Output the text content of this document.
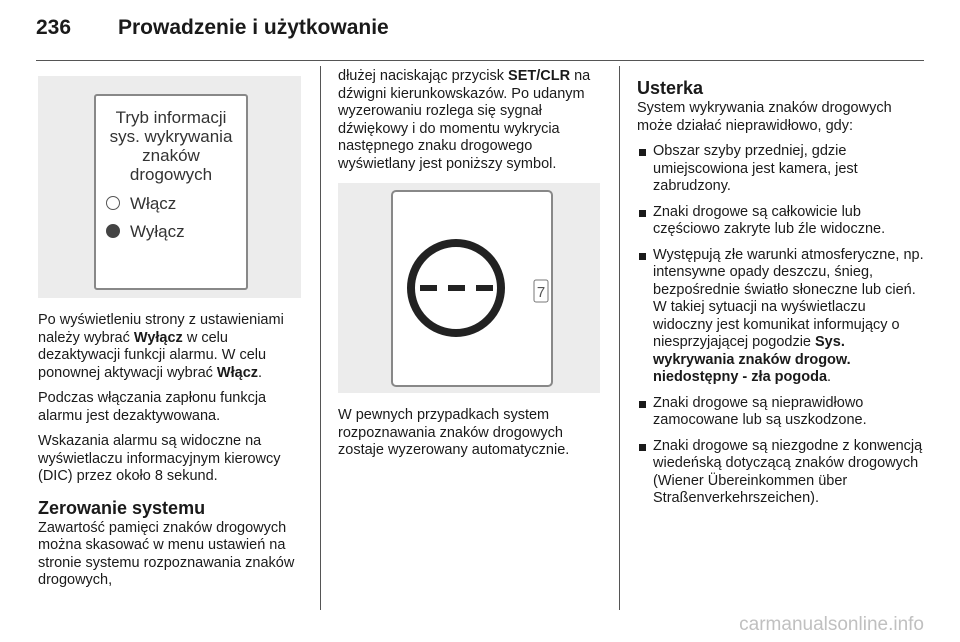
236 Prowadzenie i użytkowanie
Tryb informacji
sys. wykrywania
znaków
drogowych
Włącz
Wyłącz

Po wyświetleniu strony z ustawieniami należy wybrać Wyłącz w celu dezaktywacji funkcji alarmu. W celu ponownej aktywacji wybrać Włącz.

Podczas włączania zapłonu funkcja alarmu jest dezaktywowana.

Wskazania alarmu są widoczne na wyświetlaczu informacyjnym kierowcy (DIC) przez około 8 sekund.

Zerowanie systemu

Zawartość pamięci znaków drogowych można skasować w menu ustawień na stronie systemu rozpoznawania znaków drogowych,

dłużej naciskając przycisk SET/CLR na dźwigni kierunkowskazów. Po udanym wyzerowaniu rozlega się sygnał dźwiękowy i do momentu wykrycia następnego znaku drogowego wyświetlany jest poniższy symbol.

7

W pewnych przypadkach system rozpoznawania znaków drogowych zostaje wyzerowany automatycznie.

Usterka

System wykrywania znaków drogowych może działać nieprawidłowo, gdy:

Obszar szyby przedniej, gdzie umiejscowiona jest kamera, jest zabrudzony.
Znaki drogowe są całkowicie lub częściowo zakryte lub źle widoczne.
Występują złe warunki atmosferyczne, np. intensywne opady deszczu, śnieg, bezpośrednie światło słoneczne lub cień. W takiej sytuacji na wyświetlaczu widoczny jest komunikat informujący o niesprzyjającej pogodzie Sys. wykrywania znaków drogow. niedostępny - zła pogoda.
Znaki drogowe są nieprawidłowo zamocowane lub są uszkodzone.
Znaki drogowe są niezgodne z konwencją wiedeńską dotyczącą znaków drogowych (Wiener Übereinkommen über Straßenverkehrszeichen).
carmanualsonline.info
